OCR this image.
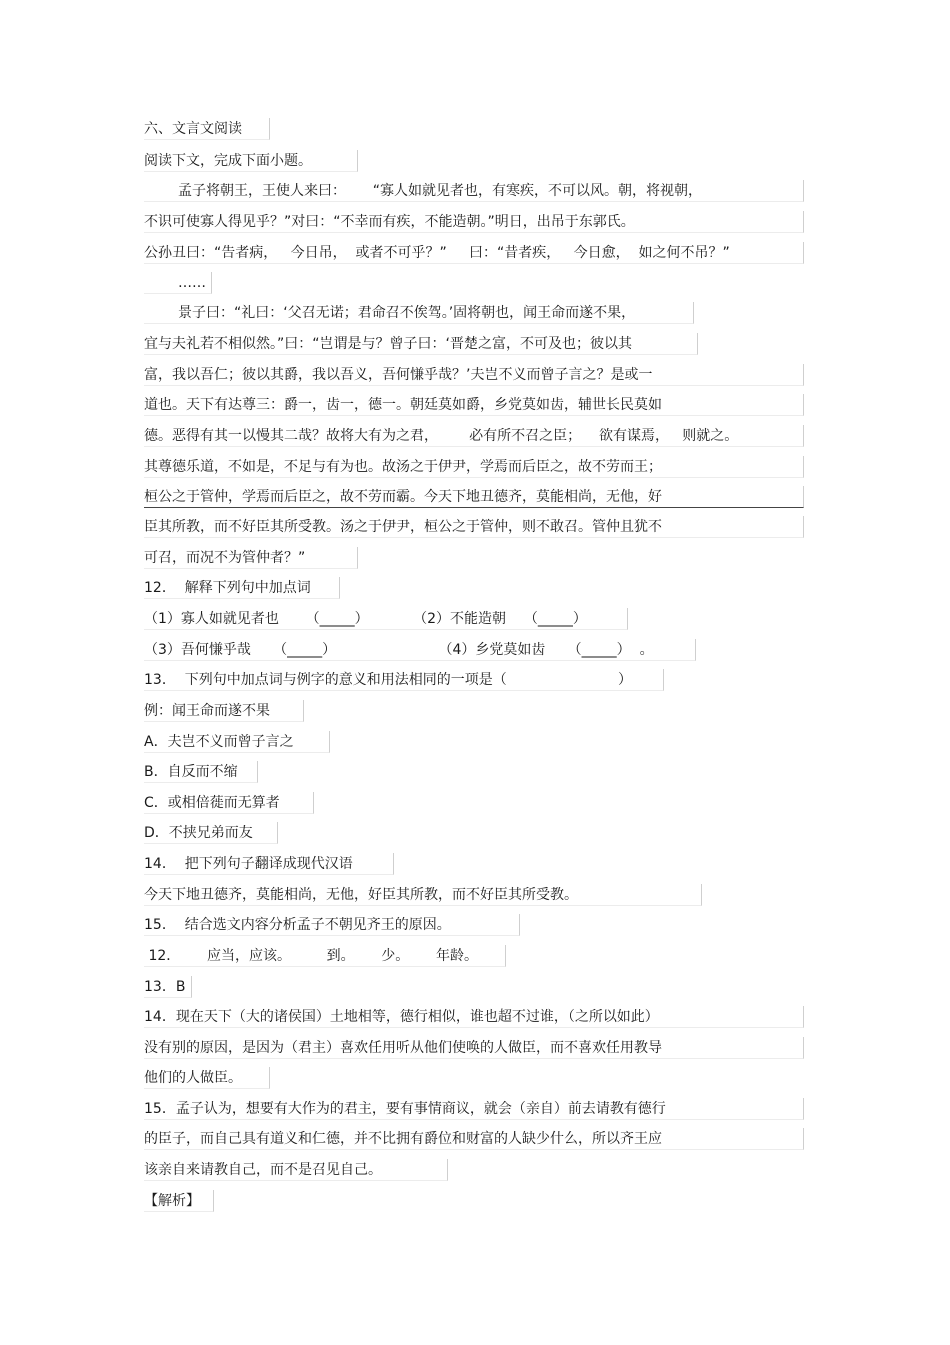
六、文言文阅读
阅读下文，完成下面小题。
孟子将朝王，王使人来曰：      “寡人如就见者也，有寒疾，不可以风。朝，将视朝，
不识可使寡人得见乎？”对曰：“不幸而有疾，不能造朝。”明日，出吊于东郭氏。
公孙丑曰：“告者病，   今日吊，  或者不可乎？”     曰：“昔者疾，   今日愈，  如之何不吊？”
……
景子曰：“礼曰：‘父召无诺；君命召不俟驾。’固将朝也，闻王命而遂不果，
宜与夫礼若不相似然。”曰：“岂谓是与？曾子曰：‘晋楚之富，不可及也；彼以其
富，我以吾仁；彼以其爵，我以吾义，吾何慊乎哉？’夫岂不义而曾子言之？是或一
道也。天下有达尊三：爵一，齿一，德一。朝廷莫如爵，乡党莫如齿，辅世长民莫如
德。恶得有其一以慢其二哉？故将大有为之君，       必有所不召之臣；    欲有谋焉，   则就之。
其尊德乐道，不如是，不足与有为也。故汤之于伊尹，学焉而后臣之，故不劳而王；
桓公之于管仲，学焉而后臣之，故不劳而霸。今天下地丑德齐，莫能相尚，无他，好
臣其所教，而不好臣其所受教。汤之于伊尹，桓公之于管仲，则不敢召。管仲且犹不
可召，而况不为管仲者？”
12．  解释下列句中加点词
（1）寡人如就见者也      （_____）          （2）不能造朝    （_____）
（3）吾何慊乎哉     （_____）                       （4）乡党莫如齿     （_____）  。
13．  下列句中加点词与例字的意义和用法相同的一项是（                         ）
例：闻王命而遂不果
A．夫岂不义而曾子言之
B．自反而不缩
C．或相倍蓰而无算者
D．不挟兄弟而友
14．  把下列句子翻译成现代汉语
今天下地丑德齐，莫能相尚，无他，好臣其所教，而不好臣其所受教。
15．  结合选文内容分析孟子不朝见齐王的原因。
12．      应当，应该。        到。      少。      年龄。
13．B
14．现在天下（大的诸侯国）土地相等，德行相似，谁也超不过谁，（之所以如此）
没有别的原因，是因为（君主）喜欢任用听从他们使唤的人做臣，而不喜欢任用教导
他们的人做臣。
15．孟子认为，想要有大作为的君主，要有事情商议，就会（亲自）前去请教有德行
的臣子，而自己具有道义和仁德，并不比拥有爵位和财富的人缺少什么，所以齐王应
该亲自来请教自己，而不是召见自己。
【解析】
